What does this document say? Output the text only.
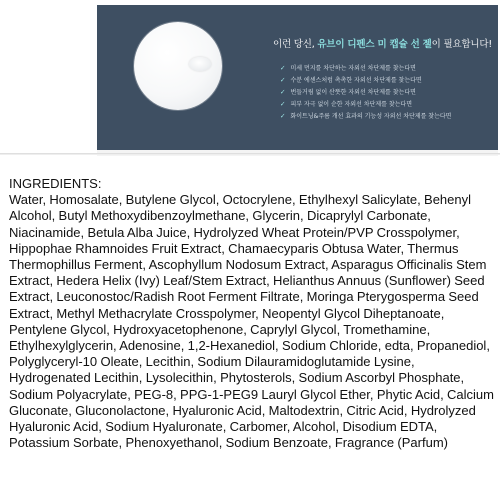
이런 당신, 유브이 디펜스 미 캡슐 선 젤이 필요합니다!
✓ 미세 먼지를 차단하는 자외선 차단제를 찾는다면
✓ 수분 에센스처럼 촉촉한 자외선 차단제를 찾는다면
✓ 번들거림 없이 산뜻한 자외선 차단제를 찾는다면
✓ 피부 자극 없이 순한 자외선 차단제를 찾는다면
✓ 화이트닝&주름 개선 효과의 기능성 자외선 차단제를 찾는다면
INGREDIENTS:
Water, Homosalate, Butylene Glycol, Octocrylene, Ethylhexyl Salicylate, Behenyl Alcohol, Butyl Methoxydibenzoylmethane, Glycerin, Dicaprylyl Carbonate, Niacinamide, Betula Alba Juice, Hydrolyzed Wheat Protein/PVP Crosspolymer, Hippophae Rhamnoides Fruit Extract, Chamaecyparis Obtusa Water, Thermus Thermophillus Ferment, Ascophyllum Nodosum Extract, Asparagus Officinalis Stem Extract, Hedera Helix (Ivy) Leaf/Stem Extract, Helianthus Annuus (Sunflower) Seed Extract, Leuconostoc/Radish Root Ferment Filtrate, Moringa Pterygosperma Seed Extract, Methyl Methacrylate Crosspolymer, Neopentyl Glycol Diheptanoate, Pentylene Glycol, Hydroxyacetophenone, Caprylyl Glycol, Tromethamine, Ethylhexylglycerin, Adenosine, 1,2-Hexanediol, Sodium Chloride, edta, Propanediol, Polyglyceryl-10 Oleate, Lecithin, Sodium Dilauramidoglutamide Lysine, Hydrogenated Lecithin, Lysolecithin, Phytosterols, Sodium Ascorbyl Phosphate, Sodium Polyacrylate, PEG-8, PPG-1-PEG9 Lauryl Glycol Ether, Phytic Acid, Calcium Gluconate, Gluconolactone, Hyaluronic Acid, Maltodextrin, Citric Acid, Hydrolyzed Hyaluronic Acid, Sodium Hyaluronate, Carbomer, Alcohol, Disodium EDTA, Potassium Sorbate, Phenoxyethanol, Sodium Benzoate, Fragrance (Parfum)
